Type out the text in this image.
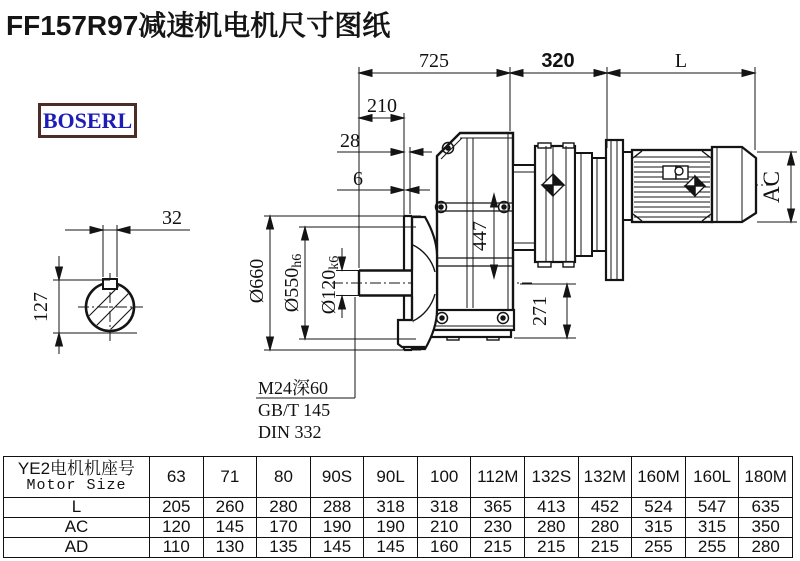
FF157R97减速机电机尺寸图纸
BOSERL
725	320	L
210
28
6
447
271
Ø660 Ø550h6
Ø120k6
AC
32
127
M24深60
GB/T 145
DIN 332
YE2电机机座号
Motor Size	63	71	80	90S	90L	100	112M	132S	132M	160M	160L	180M
L	205	260	280	288	318	318	365	413	452	524	547	635
AC	120	145	170	190	190	210	230	280	280	315	315	350
AD	110	130	135	145	145	160	215	215	215	255	255	280
